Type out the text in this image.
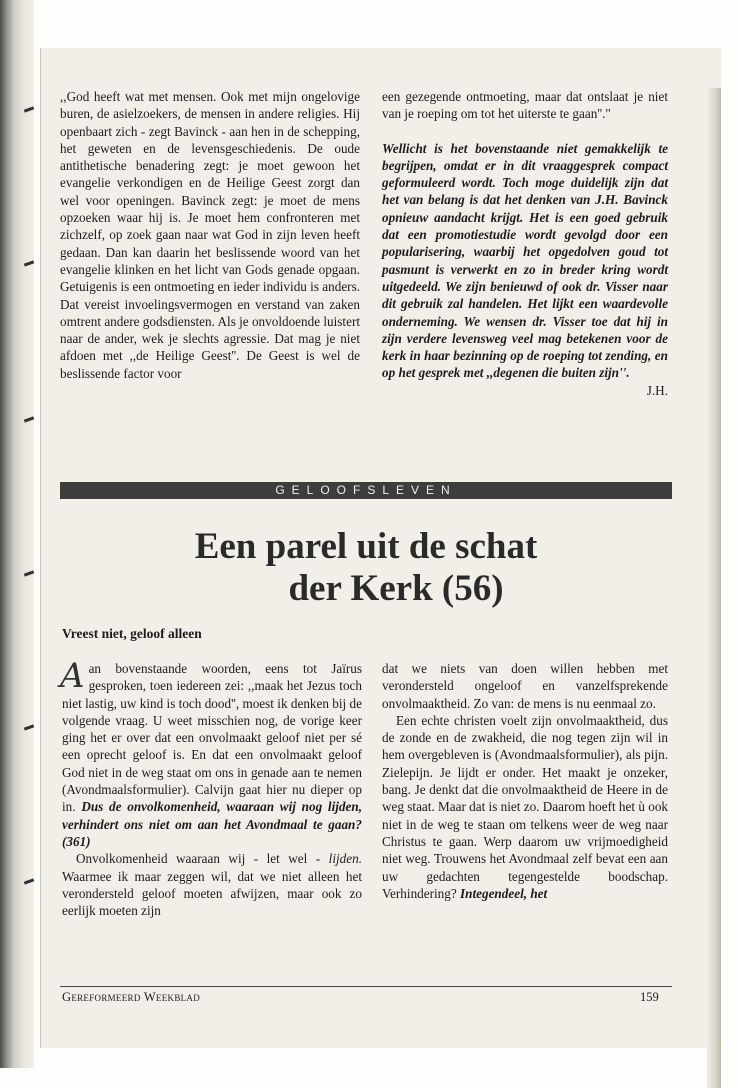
,,God heeft wat met mensen. Ook met mijn ongelovige buren, de asielzoekers, de mensen in andere religies. Hij openbaart zich - zegt Bavinck - aan hen in de schepping, het geweten en de levensgeschiedenis. De oude antithetische benadering zegt: je moet gewoon het evangelie verkondigen en de Heilige Geest zorgt dan wel voor openingen. Bavinck zegt: je moet de mens opzoeken waar hij is. Je moet hem confronteren met zichzelf, op zoek gaan naar wat God in zijn leven heeft gedaan. Dan kan daarin het beslissende woord van het evangelie klinken en het licht van Gods genade opgaan. Getuigenis is een ontmoeting en ieder individu is anders. Dat vereist invoelingsvermogen en verstand van zaken omtrent andere godsdiensten. Als je onvoldoende luistert naar de ander, wek je slechts agressie. Dat mag je niet afdoen met ,,de Heilige Geest''. De Geest is wel de beslissende factor voor

een gezegende ontmoeting, maar dat ontslaat je niet van je roeping om tot het uiterste te gaan''."

Wellicht is het bovenstaande niet gemakkelijk te begrijpen, omdat er in dit vraaggesprek compact geformuleerd wordt. Toch moge duidelijk zijn dat het van belang is dat het denken van J.H. Bavinck opnieuw aandacht krijgt. Het is een goed gebruik dat een promotiestudie wordt gevolgd door een popularisering, waarbij het opgedolven goud tot pasmunt is verwerkt en zo in breder kring wordt uitgedeeld. We zijn benieuwd of ook dr. Visser naar dit gebruik zal handelen. Het lijkt een waardevolle onderneming. We wensen dr. Visser toe dat hij in zijn verdere levensweg veel mag betekenen voor de kerk in haar bezinning op de roeping tot zending, en op het gesprek met ,,degenen die buiten zijn''.

J.H.

GELOOFSLEVEN
Een parel uit de schat
der Kerk (56)
Vreest niet, geloof alleen

Aan bovenstaande woorden, eens tot Jaïrus gesproken, toen iedereen zei: ,,maak het Jezus toch niet lastig, uw kind is toch dood'', moest ik denken bij de volgende vraag. U weet misschien nog, de vorige keer ging het er over dat een onvolmaakt geloof niet per sé een oprecht geloof is. En dat een onvolmaakt geloof God niet in de weg staat om ons in genade aan te nemen (Avondmaalsformulier). Calvijn gaat hier nu dieper op in. Dus de onvolkomenheid, waaraan wij nog lijden, verhindert ons niet om aan het Avondmaal te gaan? (361)

Onvolkomenheid waaraan wij - let wel - lijden. Waarmee ik maar zeggen wil, dat we niet alleen het verondersteld geloof moeten afwijzen, maar ook zo eerlijk moeten zijn

dat we niets van doen willen hebben met verondersteld ongeloof en vanzelfsprekende onvolmaaktheid. Zo van: de mens is nu eenmaal zo.

Een echte christen voelt zijn onvolmaaktheid, dus de zonde en de zwakheid, die nog tegen zijn wil in hem overgebleven is (Avondmaalsformulier), als pijn. Zielepijn. Je lijdt er onder. Het maakt je onzeker, bang. Je denkt dat die onvolmaaktheid de Heere in de weg staat. Maar dat is niet zo. Daarom hoeft het ù ook niet in de weg te staan om telkens weer de weg naar Christus te gaan. Werp daarom uw vrijmoedigheid niet weg. Trouwens het Avondmaal zelf bevat een aan uw gedachten tegengestelde boodschap. Verhindering? Integendeel, het

Gereformeerd Weekblad	159
